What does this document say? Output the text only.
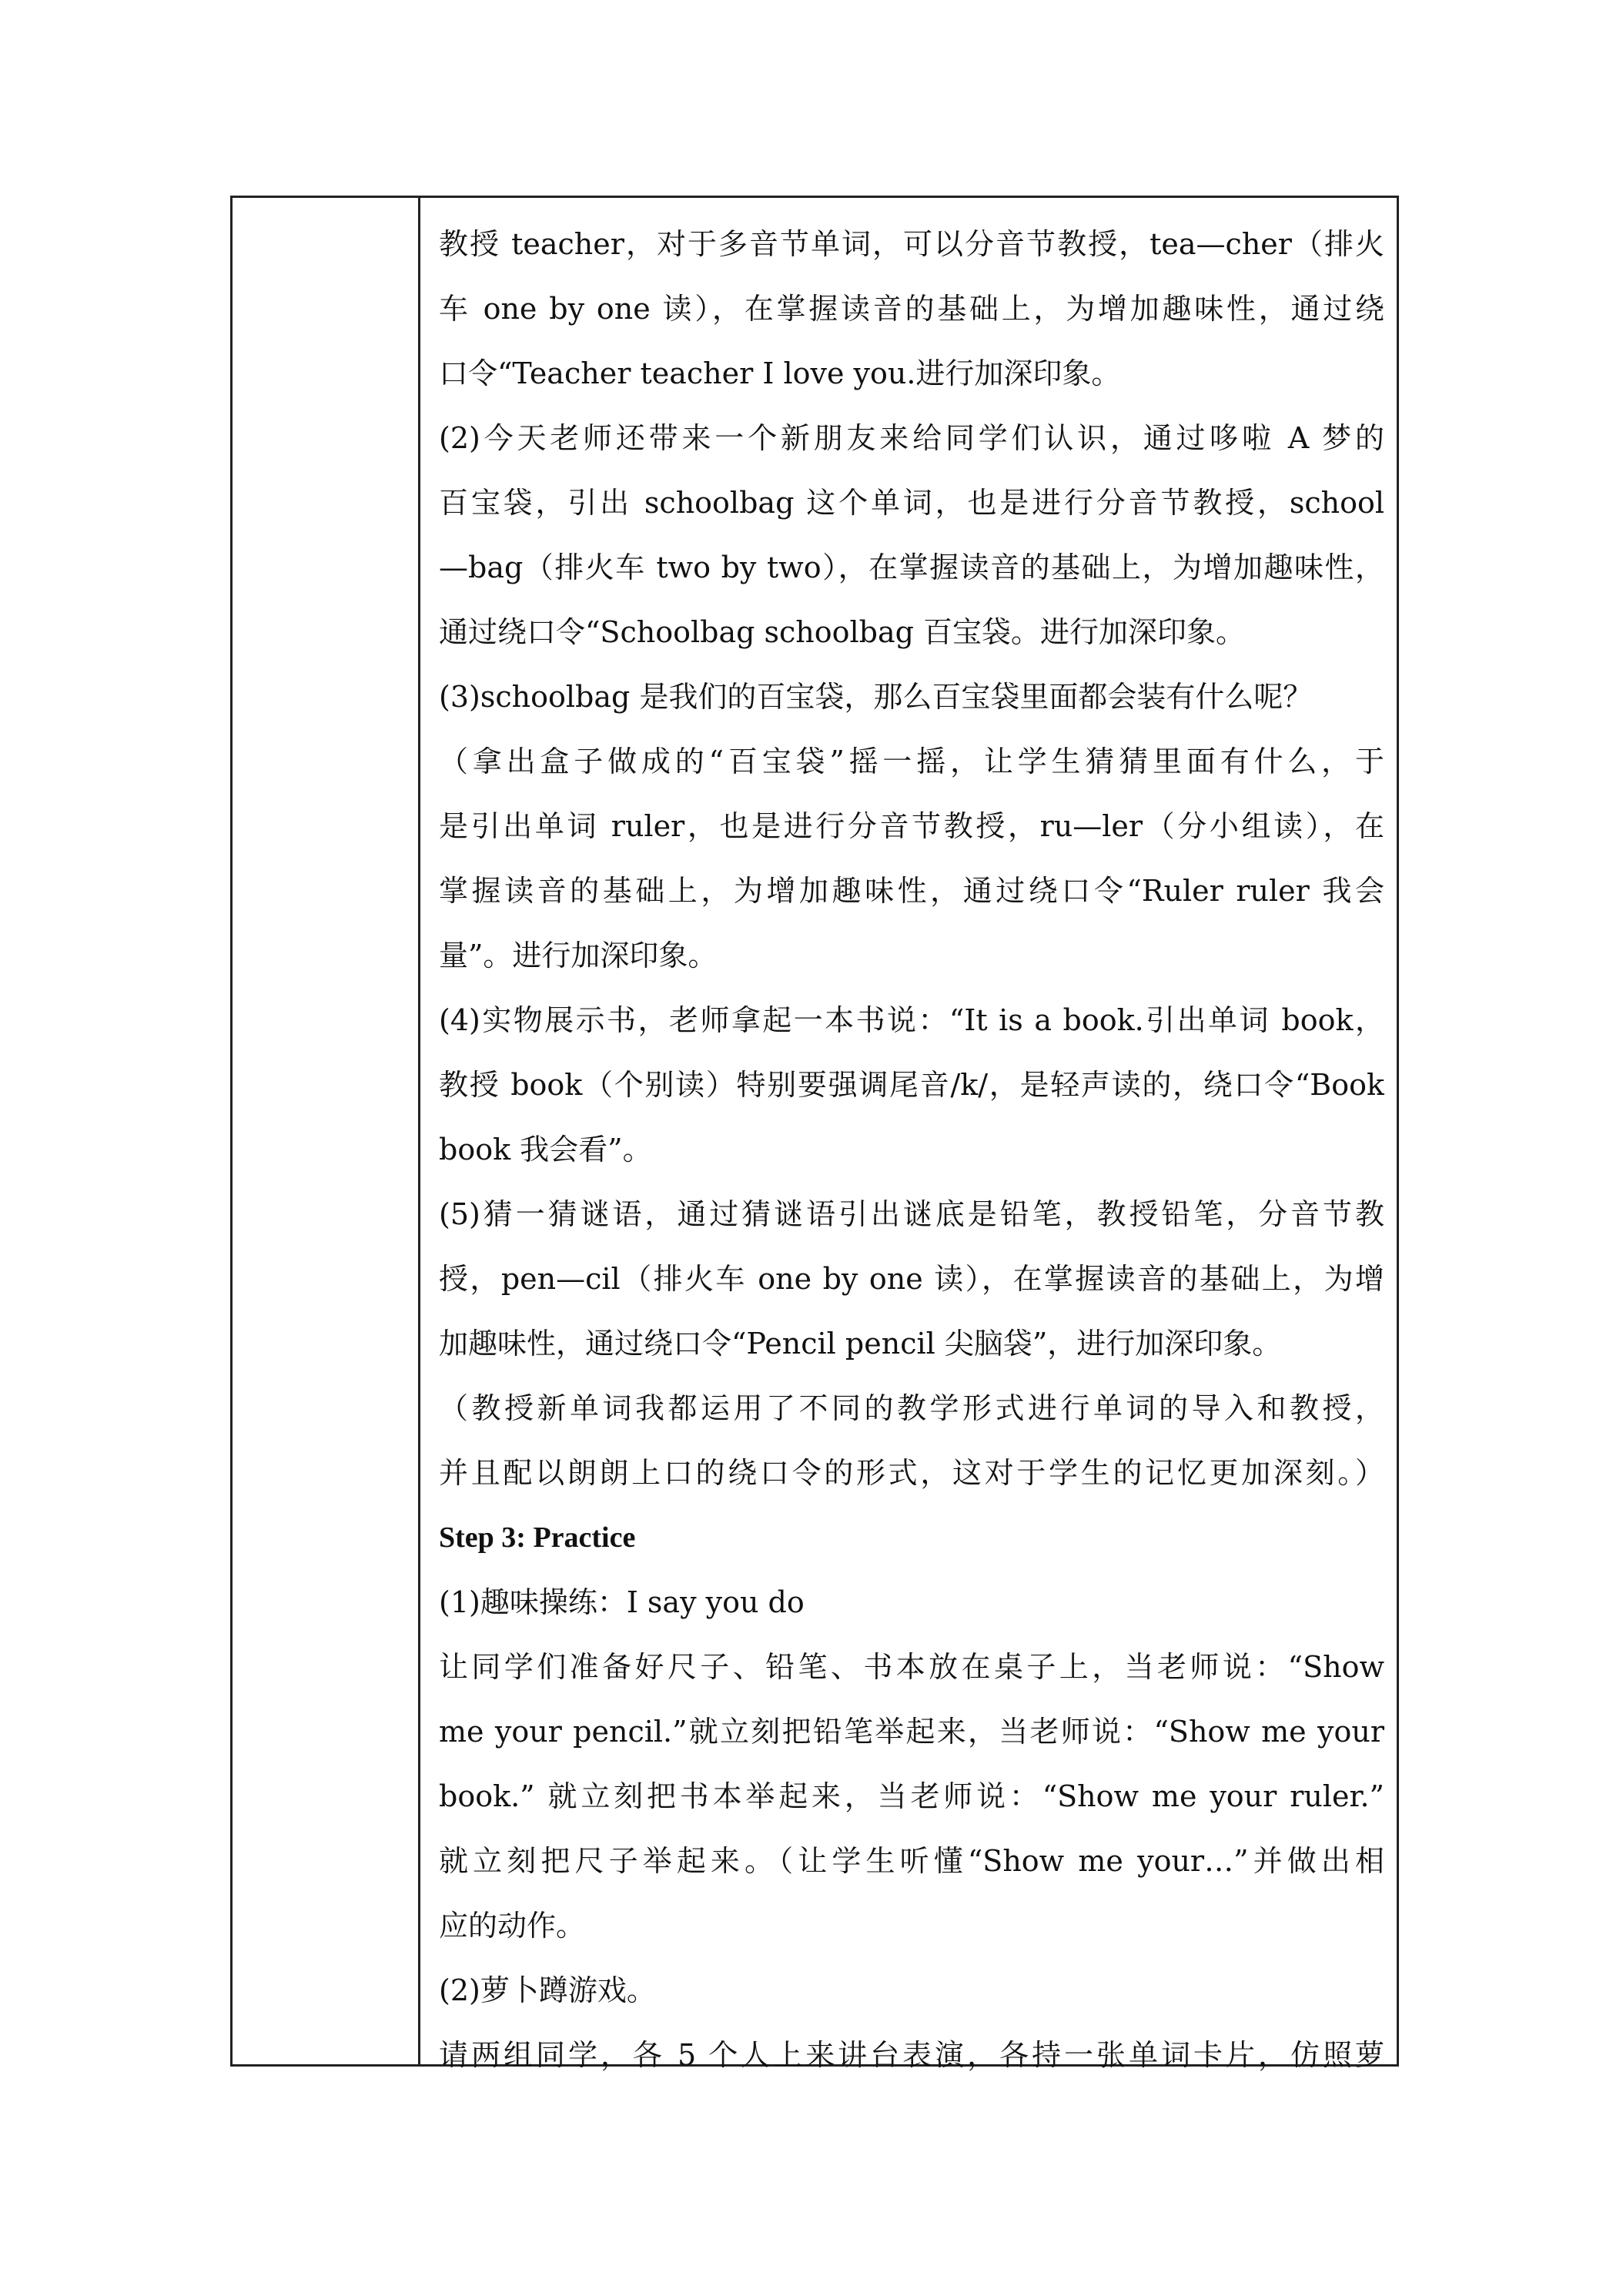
教授 teacher，对于多音节单词，可以分音节教授，tea—cher（排火
车 one by one 读），在掌握读音的基础上，为增加趣味性，通过绕
口令“Teacher teacher I love you.进行加深印象。
(2)今天老师还带来一个新朋友来给同学们认识，通过哆啦 A 梦的
百宝袋，引出 schoolbag 这个单词，也是进行分音节教授，school
—bag（排火车 two by two），在掌握读音的基础上，为增加趣味性，
通过绕口令“Schoolbag schoolbag 百宝袋。进行加深印象。
(3)schoolbag 是我们的百宝袋，那么百宝袋里面都会装有什么呢？
（拿出盒子做成的“百宝袋”摇一摇，让学生猜猜里面有什么，于
是引出单词 ruler，也是进行分音节教授，ru—ler（分小组读），在
掌握读音的基础上，为增加趣味性，通过绕口令“Ruler ruler 我会
量”。进行加深印象。
(4)实物展示书，老师拿起一本书说：“It is a book.引出单词 book，
教授 book（个别读）特别要强调尾音/k/，是轻声读的，绕口令“Book
book 我会看”。
(5)猜一猜谜语，通过猜谜语引出谜底是铅笔，教授铅笔，分音节教
授，pen—cil（排火车 one by one 读），在掌握读音的基础上，为增
加趣味性，通过绕口令“Pencil pencil 尖脑袋”，进行加深印象。
（教授新单词我都运用了不同的教学形式进行单词的导入和教授，
并且配以朗朗上口的绕口令的形式，这对于学生的记忆更加深刻。）
Step 3: Practice
(1)趣味操练：I say you do
让同学们准备好尺子、铅笔、书本放在桌子上，当老师说：“Show
me your pencil.”就立刻把铅笔举起来，当老师说：“Show me your
book.” 就立刻把书本举起来，当老师说：“Show me your ruler.”
就立刻把尺子举起来。（让学生听懂“Show me your…”并做出相
应的动作。
(2)萝卜蹲游戏。
请两组同学，各 5 个人上来讲台表演，各持一张单词卡片，仿照萝
